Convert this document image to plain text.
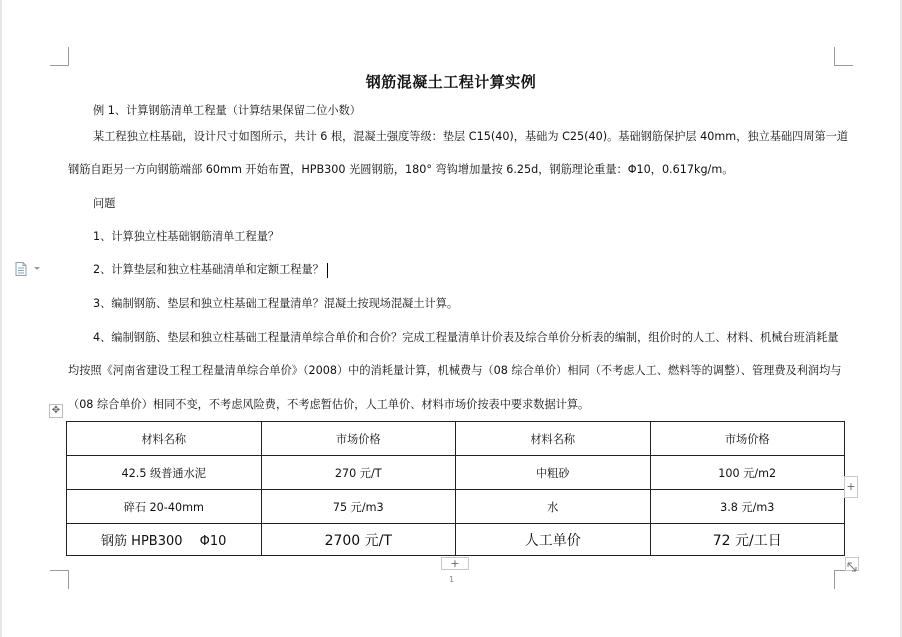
钢筋混凝土工程计算实例
例 1、计算钢筋清单工程量（计算结果保留二位小数）
某工程独立柱基础，设计尺寸如图所示，共计 6 根，混凝土强度等级：垫层 C15(40)，基础为 C25(40)。基础钢筋保护层 40mm，独立基础四周第一道
钢筋自距另一方向钢筋端部 60mm 开始布置，HPB300 光圆钢筋，180° 弯钩增加量按 6.25d，钢筋理论重量：Φ10，0.617kg/m。
问题
1、计算独立柱基础钢筋清单工程量？
2、计算垫层和独立柱基础清单和定额工程量？
3、编制钢筋、垫层和独立柱基础工程量清单？混凝土按现场混凝土计算。
4、编制钢筋、垫层和独立柱基础工程量清单综合单价和合价？完成工程量清单计价表及综合单价分析表的编制，组价时的人工、材料、机械台班消耗量
均按照《河南省建设工程工程量清单综合单价》（2008）中的消耗量计算，机械费与（08 综合单价）相同（不考虑人工、燃料等的调整）、管理费及利润均与
（08 综合单价）相同不变，不考虑风险费，不考虑暂估价，人工单价、材料市场价按表中要求数据计算。
✥
材料名称	市场价格	材料名称	市场价格
42.5 级普通水泥	270 元/T	中粗砂	100 元/m2
碎石 20-40mm	75 元/m3	水	3.8 元/m3
钢筋 HPB300　 Φ10	2700 元/T	人工单价	72 元/工日
+
+
1
